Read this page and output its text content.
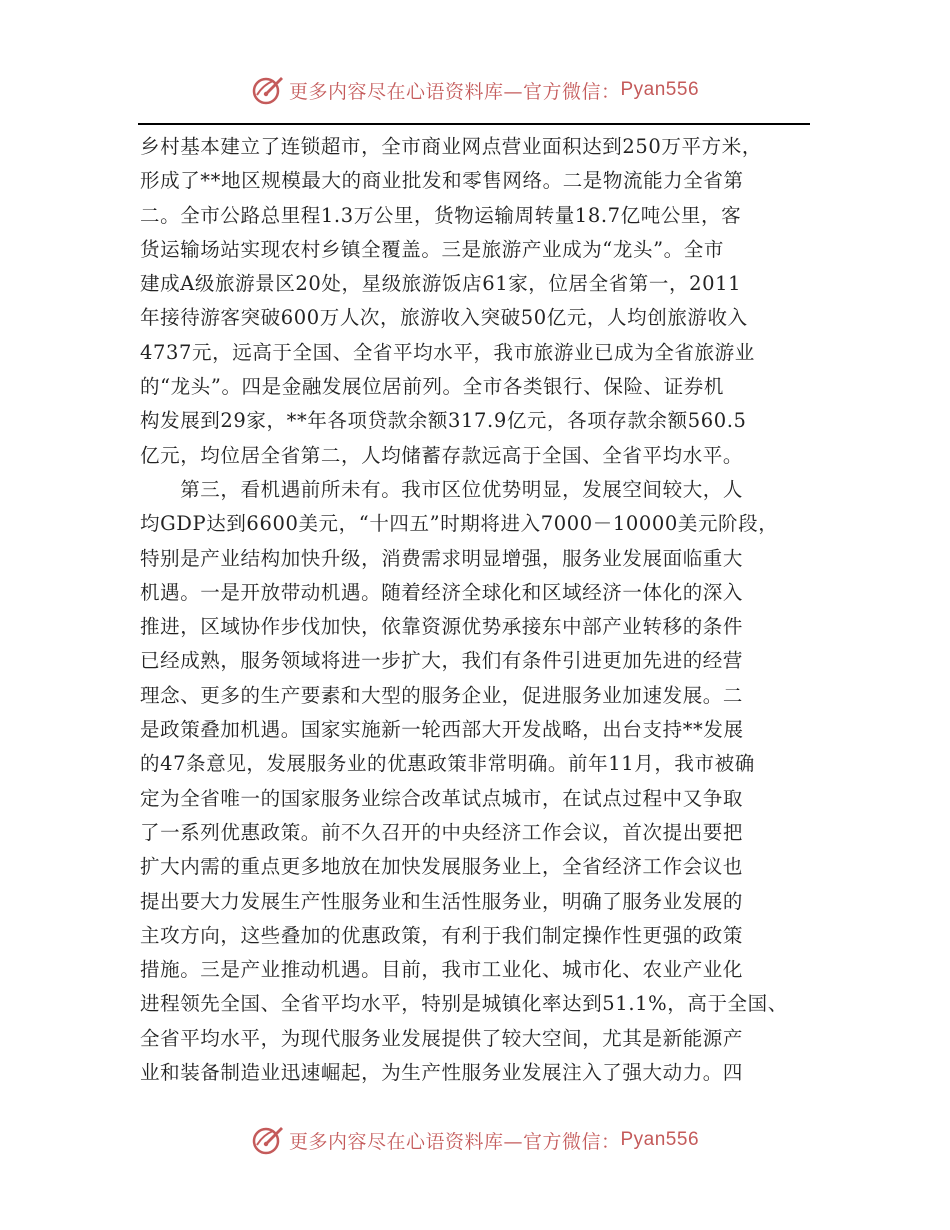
更多内容尽在心语资料库—官方微信： Pyan556
乡村基本建立了连锁超市，全市商业网点营业面积达到250万平方米，
形成了**地区规模最大的商业批发和零售网络。二是物流能力全省第
二。全市公路总里程1.3万公里，货物运输周转量18.7亿吨公里，客
货运输场站实现农村乡镇全覆盖。三是旅游产业成为“龙头”。全市
建成A级旅游景区20处，星级旅游饭店61家，位居全省第一，2011
年接待游客突破600万人次，旅游收入突破50亿元，人均创旅游收入
4737元，远高于全国、全省平均水平，我市旅游业已成为全省旅游业
的“龙头”。四是金融发展位居前列。全市各类银行、保险、证券机
构发展到29家，**年各项贷款余额317.9亿元，各项存款余额560.5
亿元，均位居全省第二，人均储蓄存款远高于全国、全省平均水平。
　　第三，看机遇前所未有。我市区位优势明显，发展空间较大，人
均GDP达到6600美元，“十四五”时期将进入7000－10000美元阶段，
特别是产业结构加快升级，消费需求明显增强，服务业发展面临重大
机遇。一是开放带动机遇。随着经济全球化和区域经济一体化的深入
推进，区域协作步伐加快，依靠资源优势承接东中部产业转移的条件
已经成熟，服务领域将进一步扩大，我们有条件引进更加先进的经营
理念、更多的生产要素和大型的服务企业，促进服务业加速发展。二
是政策叠加机遇。国家实施新一轮西部大开发战略，出台支持**发展
的47条意见，发展服务业的优惠政策非常明确。前年11月，我市被确
定为全省唯一的国家服务业综合改革试点城市，在试点过程中又争取
了一系列优惠政策。前不久召开的中央经济工作会议，首次提出要把
扩大内需的重点更多地放在加快发展服务业上，全省经济工作会议也
提出要大力发展生产性服务业和生活性服务业，明确了服务业发展的
主攻方向，这些叠加的优惠政策，有利于我们制定操作性更强的政策
措施。三是产业推动机遇。目前，我市工业化、城市化、农业产业化
进程领先全国、全省平均水平，特别是城镇化率达到51.1%，高于全国、
全省平均水平，为现代服务业发展提供了较大空间，尤其是新能源产
业和装备制造业迅速崛起，为生产性服务业发展注入了强大动力。四
更多内容尽在心语资料库—官方微信： Pyan556
